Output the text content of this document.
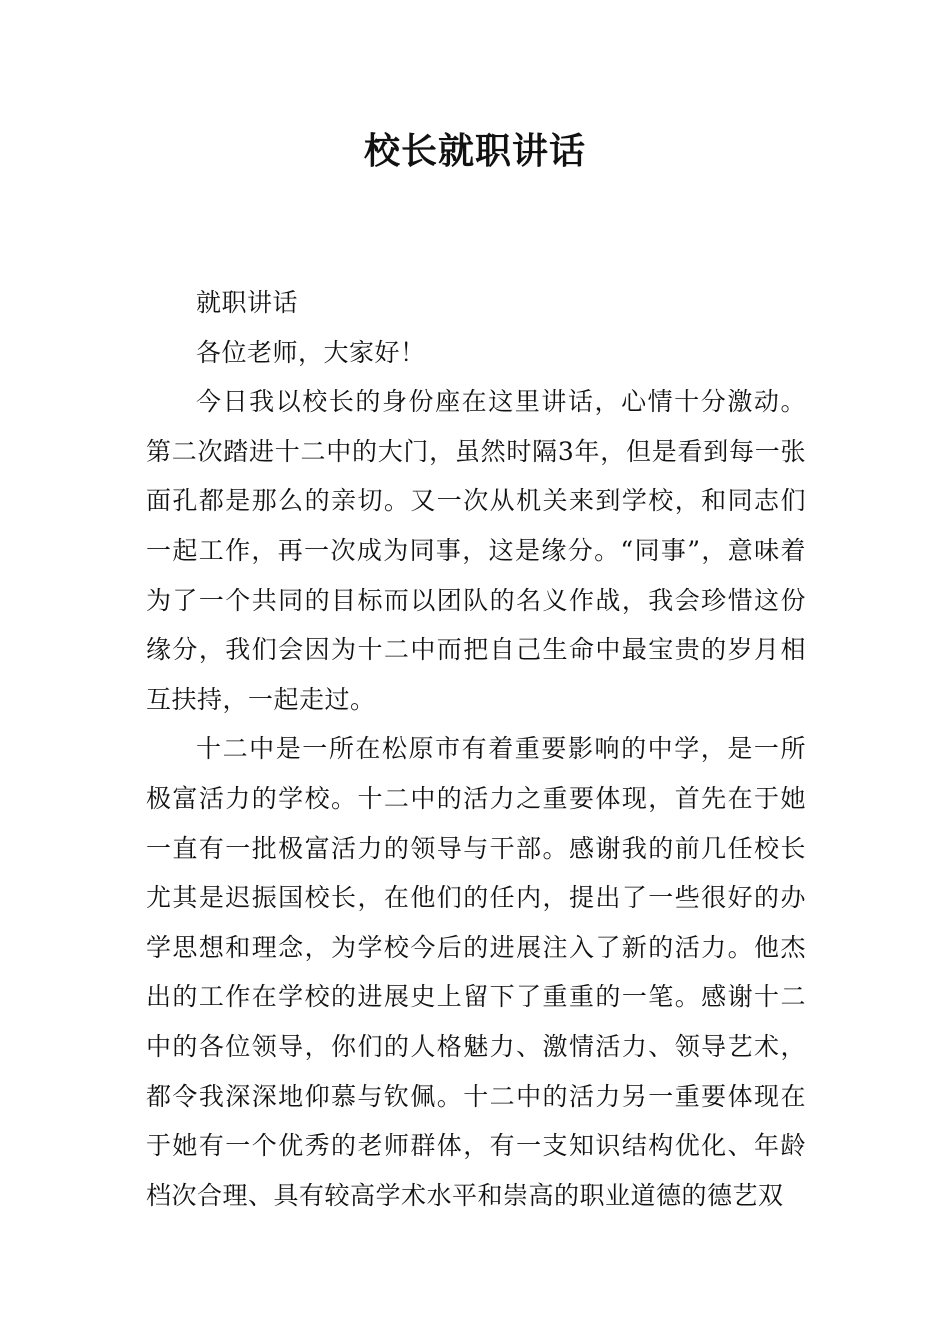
校长就职讲话

就职讲话

各位老师，大家好！

今日我以校长的身份座在这里讲话，心情十分激动。第二次踏进十二中的大门，虽然时隔3年，但是看到每一张面孔都是那么的亲切。又一次从机关来到学校，和同志们一起工作，再一次成为同事，这是缘分。“同事”，意味着为了一个共同的目标而以团队的名义作战，我会珍惜这份缘分，我们会因为十二中而把自己生命中最宝贵的岁月相互扶持，一起走过。

十二中是一所在松原市有着重要影响的中学，是一所极富活力的学校。十二中的活力之重要体现，首先在于她一直有一批极富活力的领导与干部。感谢我的前几任校长尤其是迟振国校长，在他们的任内，提出了一些很好的办学思想和理念，为学校今后的进展注入了新的活力。他杰出的工作在学校的进展史上留下了重重的一笔。感谢十二中的各位领导，你们的人格魅力、激情活力、领导艺术，都令我深深地仰慕与钦佩。十二中的活力另一重要体现在于她有一个优秀的老师群体，有一支知识结构优化、年龄档次合理、具有较高学术水平和崇高的职业道德的德艺双
